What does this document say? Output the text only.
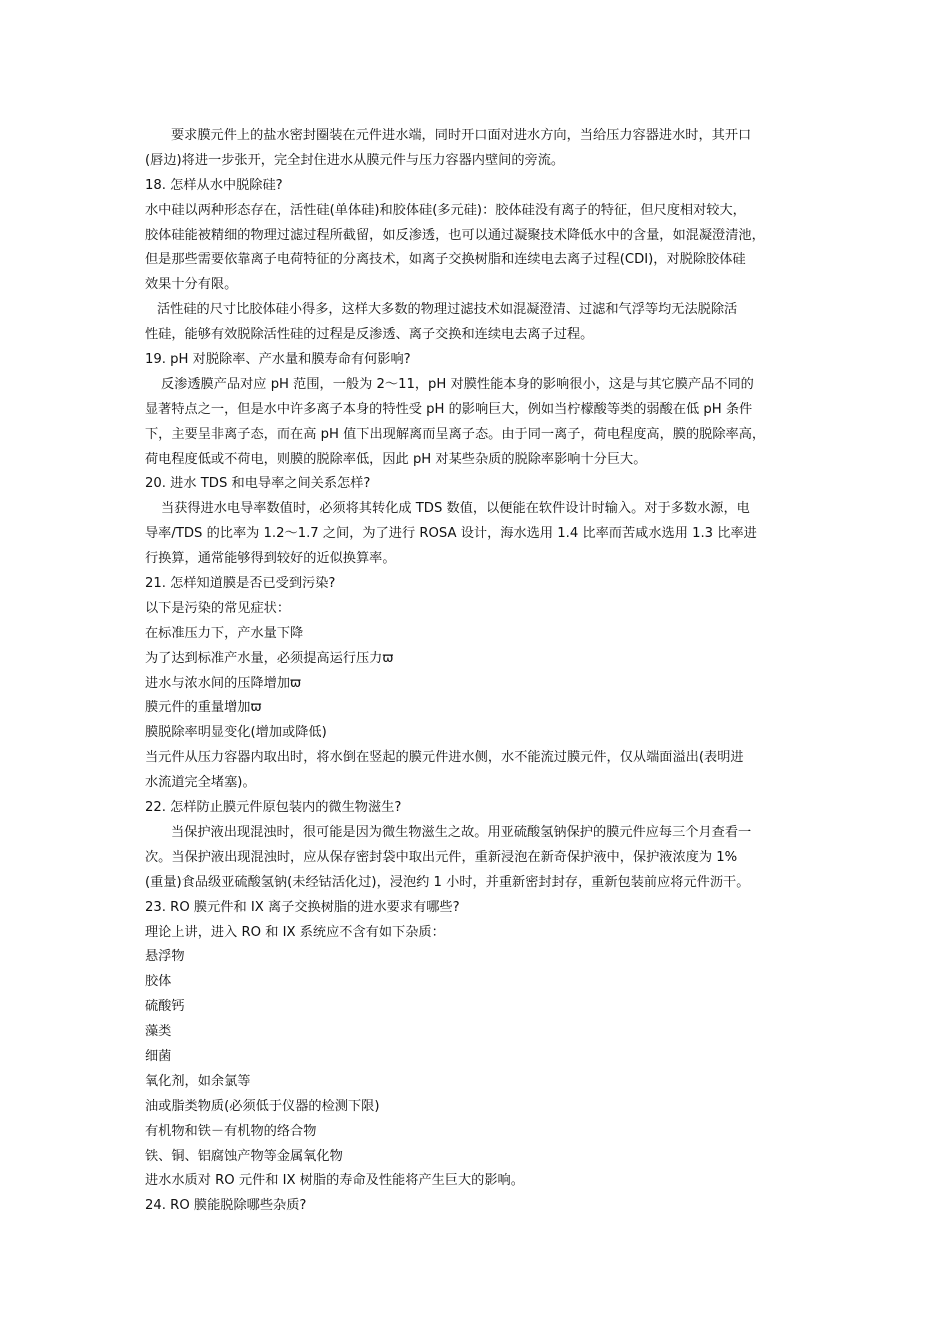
要求膜元件上的盐水密封圈装在元件进水端，同时开口面对进水方向，当给压力容器进水时，其开口
(唇边)将进一步张开，完全封住进水从膜元件与压力容器内壁间的旁流。
18. 怎样从水中脱除硅?
水中硅以两种形态存在，活性硅(单体硅)和胶体硅(多元硅)：胶体硅没有离子的特征，但尺度相对较大，
胶体硅能被精细的物理过滤过程所截留，如反渗透，也可以通过凝聚技术降低水中的含量，如混凝澄清池，
但是那些需要依靠离子电荷特征的分离技术，如离子交换树脂和连续电去离子过程(CDI)，对脱除胶体硅
效果十分有限。
活性硅的尺寸比胶体硅小得多，这样大多数的物理过滤技术如混凝澄清、过滤和气浮等均无法脱除活
性硅，能够有效脱除活性硅的过程是反渗透、离子交换和连续电去离子过程。
19. pH 对脱除率、产水量和膜寿命有何影响?
反渗透膜产品对应 pH 范围，一般为 2～11，pH 对膜性能本身的影响很小，这是与其它膜产品不同的
显著特点之一，但是水中许多离子本身的特性受 pH 的影响巨大，例如当柠檬酸等类的弱酸在低 pH 条件
下，主要呈非离子态，而在高 pH 值下出现解离而呈离子态。由于同一离子，荷电程度高，膜的脱除率高，
荷电程度低或不荷电，则膜的脱除率低，因此 pH 对某些杂质的脱除率影响十分巨大。
20. 进水 TDS 和电导率之间关系怎样?
当获得进水电导率数值时，必须将其转化成 TDS 数值，以便能在软件设计时输入。对于多数水源，电
导率/TDS 的比率为 1.2～1.7 之间，为了进行 ROSA 设计，海水选用 1.4 比率而苦咸水选用 1.3 比率进
行换算，通常能够得到较好的近似换算率。
21. 怎样知道膜是否已受到污染?
以下是污染的常见症状：
在标准压力下，产水量下降
为了达到标准产水量，必须提高运行压力ϖ
进水与浓水间的压降增加ϖ
膜元件的重量增加ϖ
膜脱除率明显变化(增加或降低)
当元件从压力容器内取出时，将水倒在竖起的膜元件进水侧，水不能流过膜元件，仅从端面溢出(表明进
水流道完全堵塞)。
22. 怎样防止膜元件原包装内的微生物滋生?
当保护液出现混浊时，很可能是因为微生物滋生之故。用亚硫酸氢钠保护的膜元件应每三个月查看一
次。当保护液出现混浊时，应从保存密封袋中取出元件，重新浸泡在新奇保护液中，保护液浓度为 1%
(重量)食品级亚硫酸氢钠(未经钴活化过)，浸泡约 1 小时，并重新密封封存，重新包装前应将元件沥干。
23. RO 膜元件和 IX 离子交换树脂的进水要求有哪些?
理论上讲，进入 RO 和 IX 系统应不含有如下杂质：
悬浮物
胶体
硫酸钙
藻类
细菌
氧化剂，如余氯等
油或脂类物质(必须低于仪器的检测下限)
有机物和铁－有机物的络合物
铁、铜、铝腐蚀产物等金属氧化物
进水水质对 RO 元件和 IX 树脂的寿命及性能将产生巨大的影响。
24. RO 膜能脱除哪些杂质?
